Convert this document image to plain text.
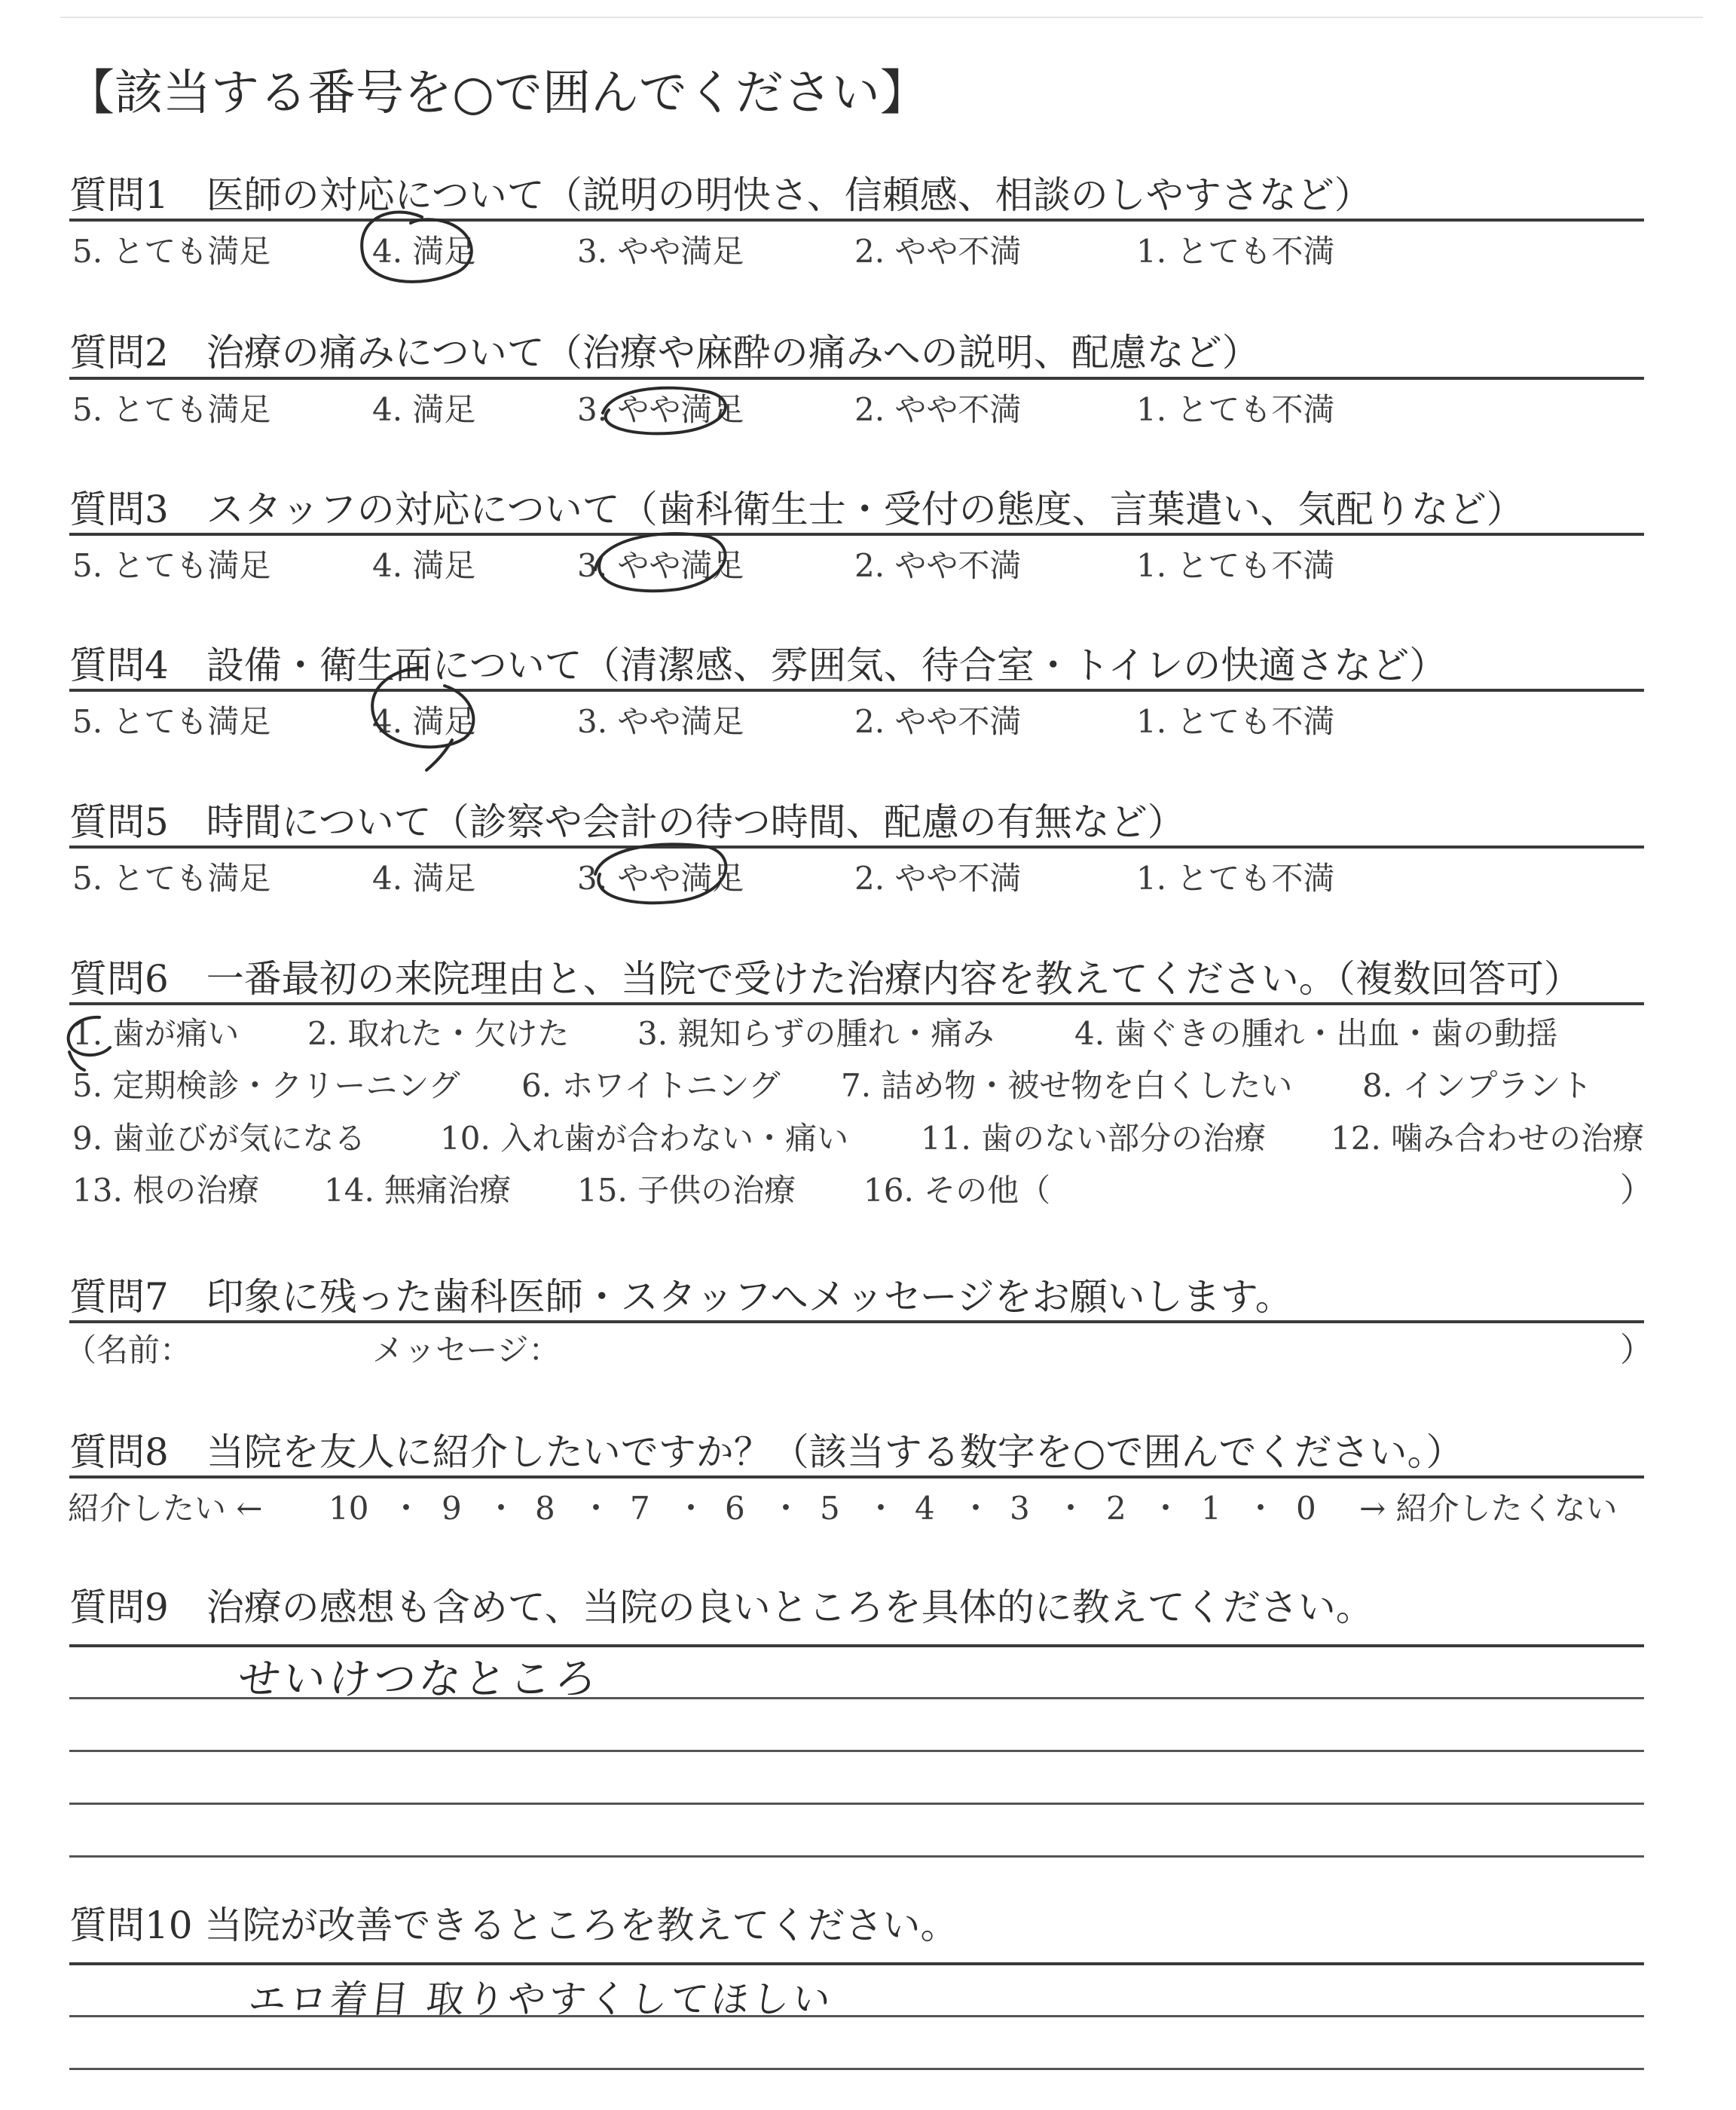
【該当する番号を○で囲んでください】
質問1　医師の対応について（説明の明快さ、信頼感、相談のしやすさなど）
5. とても満足	4. 満足	3. やや満足	2. やや不満	1. とても不満
質問2　治療の痛みについて（治療や麻酔の痛みへの説明、配慮など）
5. とても満足	4. 満足	3. やや満足	2. やや不満	1. とても不満
質問3　スタッフの対応について（歯科衛生士・受付の態度、言葉遣い、気配りなど）
5. とても満足	4. 満足	3. やや満足	2. やや不満	1. とても不満
質問4　設備・衛生面について（清潔感、雰囲気、待合室・トイレの快適さなど）
5. とても満足	4. 満足	3. やや満足	2. やや不満	1. とても不満
質問5　時間について（診察や会計の待つ時間、配慮の有無など）
5. とても満足	4. 満足	3. やや満足	2. やや不満	1. とても不満
質問6　一番最初の来院理由と、当院で受けた治療内容を教えてください。（複数回答可）
1. 歯が痛い 2. 取れた・欠けた 3. 親知らずの腫れ・痛み	4. 歯ぐきの腫れ・出血・歯の動揺
5. 定期検診・クリーニング 6. ホワイトニング 7. 詰め物・被せ物を白くしたい 8. インプラント
9. 歯並びが気になる 10. 入れ歯が合わない・痛い 11. 歯のない部分の治療 12. 噛み合わせの治療
13. 根の治療 14. 無痛治療 15. 子供の治療 16. その他（	）
質問7　印象に残った歯科医師・スタッフへメッセージをお願いします。
（名前：	メッセージ：	）
質問8　当院を友人に紹介したいですか？（該当する数字を○で囲んでください。）
紹介したい ← 10 9 8 7 6 5 4 3 2 1 0
・ ・ ・ ・ ・ ・ ・ ・ ・ ・	→ 紹介したくない
質問9　治療の感想も含めて、当院の良いところを具体的に教えてください。
せいけつなところ
質問10 当院が改善できるところを教えてください。
エロ着目 取りやすくしてほしい
